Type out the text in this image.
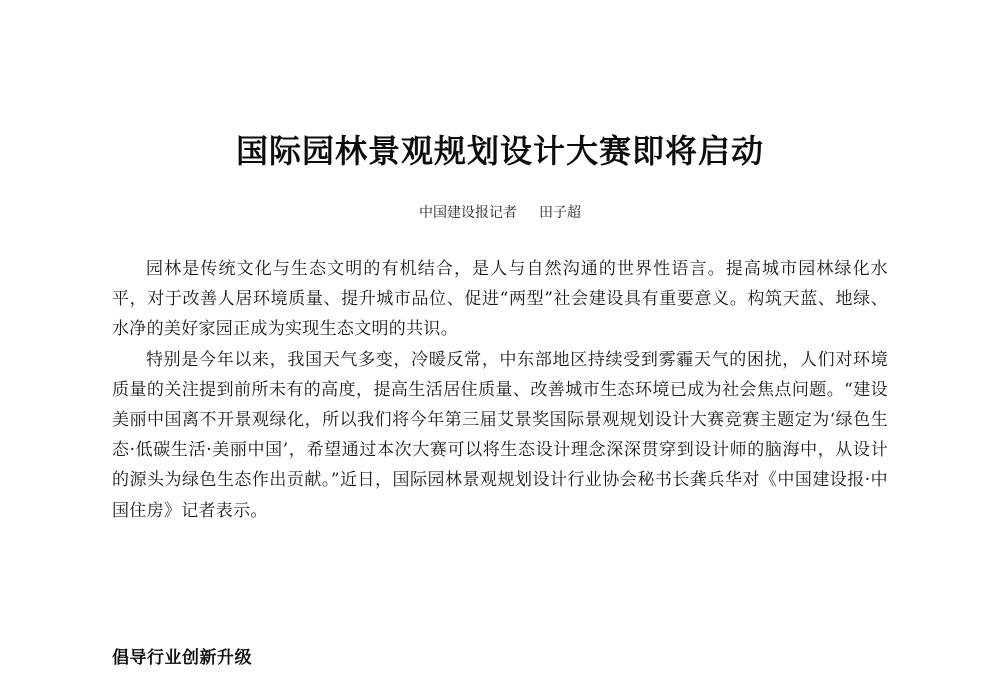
国际园林景观规划设计大赛即将启动
中国建设报记者 田子超

园林是传统文化与生态文明的有机结合，是人与自然沟通的世界性语言。提高城市园林绿化水平，对于改善人居环境质量、提升城市品位、促进“两型”社会建设具有重要意义。构筑天蓝、地绿、水净的美好家园正成为实现生态文明的共识。

特别是今年以来，我国天气多变，冷暖反常，中东部地区持续受到雾霾天气的困扰，人们对环境质量的关注提到前所未有的高度，提高生活居住质量、改善城市生态环境已成为社会焦点问题。“建设美丽中国离不开景观绿化，所以我们将今年第三届艾景奖国际景观规划设计大赛竞赛主题定为‘绿色生态·低碳生活·美丽中国’，希望通过本次大赛可以将生态设计理念深深贯穿到设计师的脑海中，从设计的源头为绿色生态作出贡献。”近日，国际园林景观规划设计行业协会秘书长龚兵华对《中国建设报·中国住房》记者表示。

倡导行业创新升级
